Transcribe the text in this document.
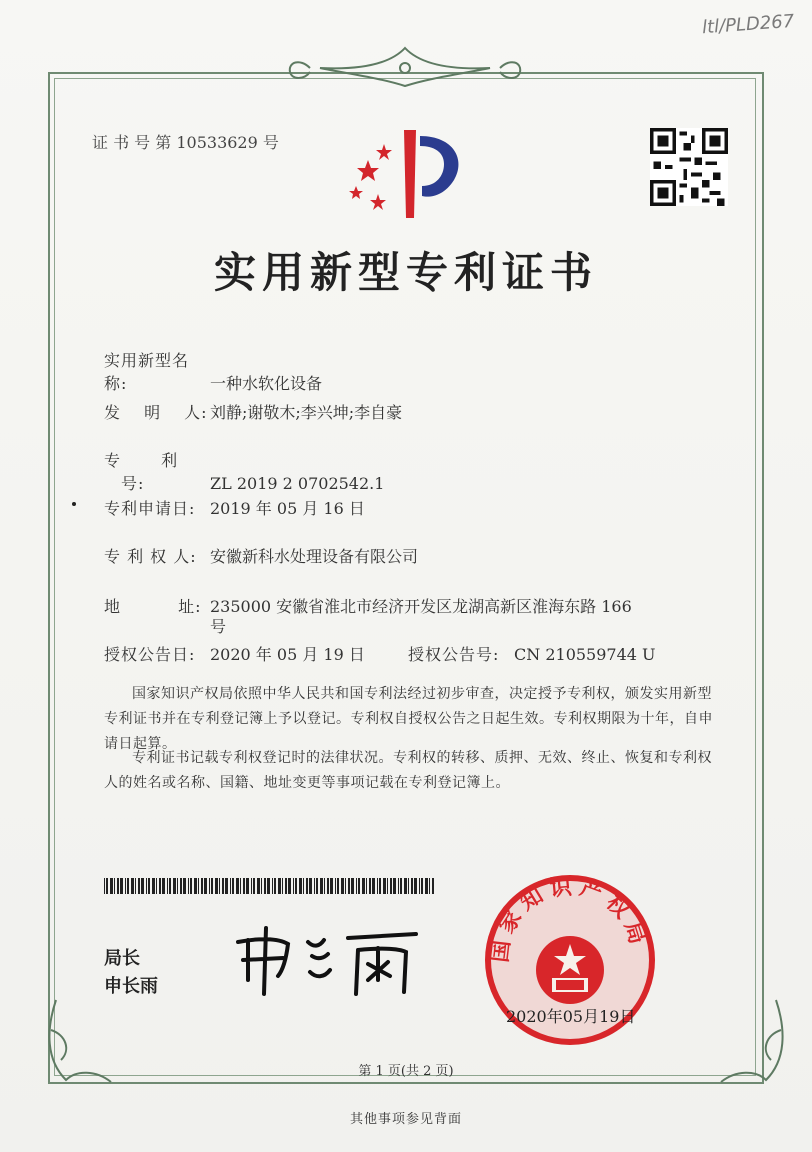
ltl/PLD267
证 书 号 第 10533629 号
实用新型专利证书
实用新型名称:	一种水软化设备
发　 明 　人: 刘静;谢敬木;李兴坤;李自豪
专　 　利 　号:	ZL 2019 2 0702542.1
专利申请日: 2019 年 05 月 16 日
专 利 权 人: 安徽新科水处理设备有限公司
地　　　 址: 235000 安徽省淮北市经济开发区龙湖高新区淮海东路 166
号
授权公告日: 2020 年 05 月 19 日	授权公告号: CN 210559744 U
国家知识产权局依照中华人民共和国专利法经过初步审查，决定授予专利权，颁发实用新型专利证书并在专利登记簿上予以登记。专利权自授权公告之日起生效。专利权期限为十年，自申请日起算。
专利证书记载专利权登记时的法律状况。专利权的转移、质押、无效、终止、恢复和专利权人的姓名或名称、国籍、地址变更等事项记载在专利登记簿上。
局长
申长雨
国家知识产权局
2020年05月19日
第 1 页(共 2 页)
其他事项参见背面
